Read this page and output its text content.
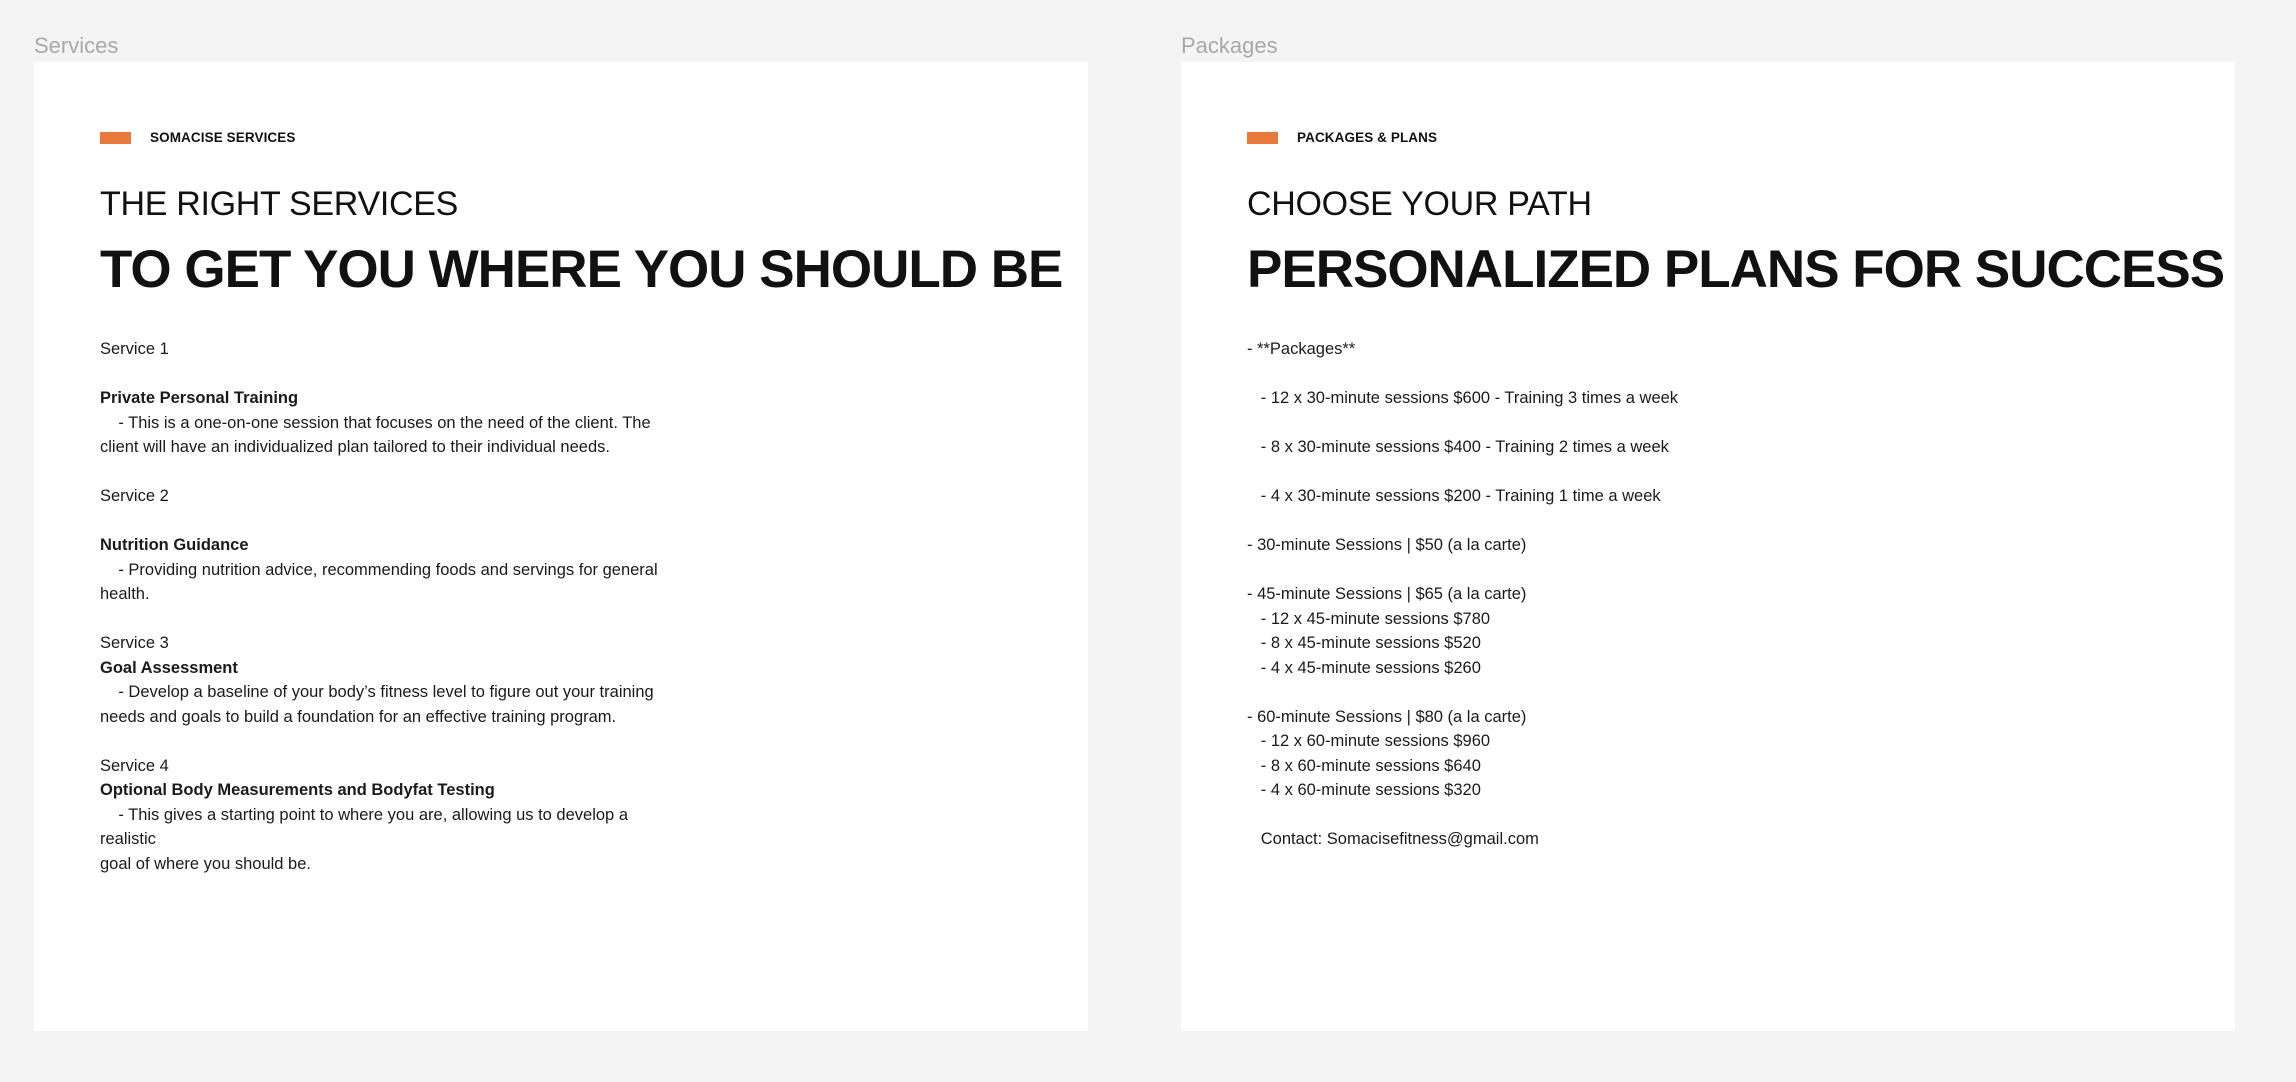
Services	Packages
SOMACISE SERVICES
THE RIGHT SERVICES
TO GET YOU WHERE YOU SHOULD BE
Service 1
Private Personal Training
- This is a one-on-one session that focuses on the need of the client. The
client will have an individualized plan tailored to their individual needs.
Service 2
Nutrition Guidance
- Providing nutrition advice, recommending foods and servings for general
health.
Service 3
Goal Assessment
- Develop a baseline of your body’s fitness level to figure out your training
needs and goals to build a foundation for an effective training program.
Service 4
Optional Body Measurements and Bodyfat Testing
- This gives a starting point to where you are, allowing us to develop a realistic
goal of where you should be.
PACKAGES & PLANS
CHOOSE YOUR PATH
PERSONALIZED PLANS FOR SUCCESS
- **Packages**
- 12 x 30-minute sessions $600 - Training 3 times a week
- 8 x 30-minute sessions $400 - Training 2 times a week
- 4 x 30-minute sessions $200 - Training 1 time a week
- 30-minute Sessions | $50 (a la carte)
- 45-minute Sessions | $65 (a la carte)
- 12 x 45-minute sessions $780
- 8 x 45-minute sessions $520
- 4 x 45-minute sessions $260
- 60-minute Sessions | $80 (a la carte)
- 12 x 60-minute sessions $960
- 8 x 60-minute sessions $640
- 4 x 60-minute sessions $320
Contact: Somacisefitness@gmail.com
